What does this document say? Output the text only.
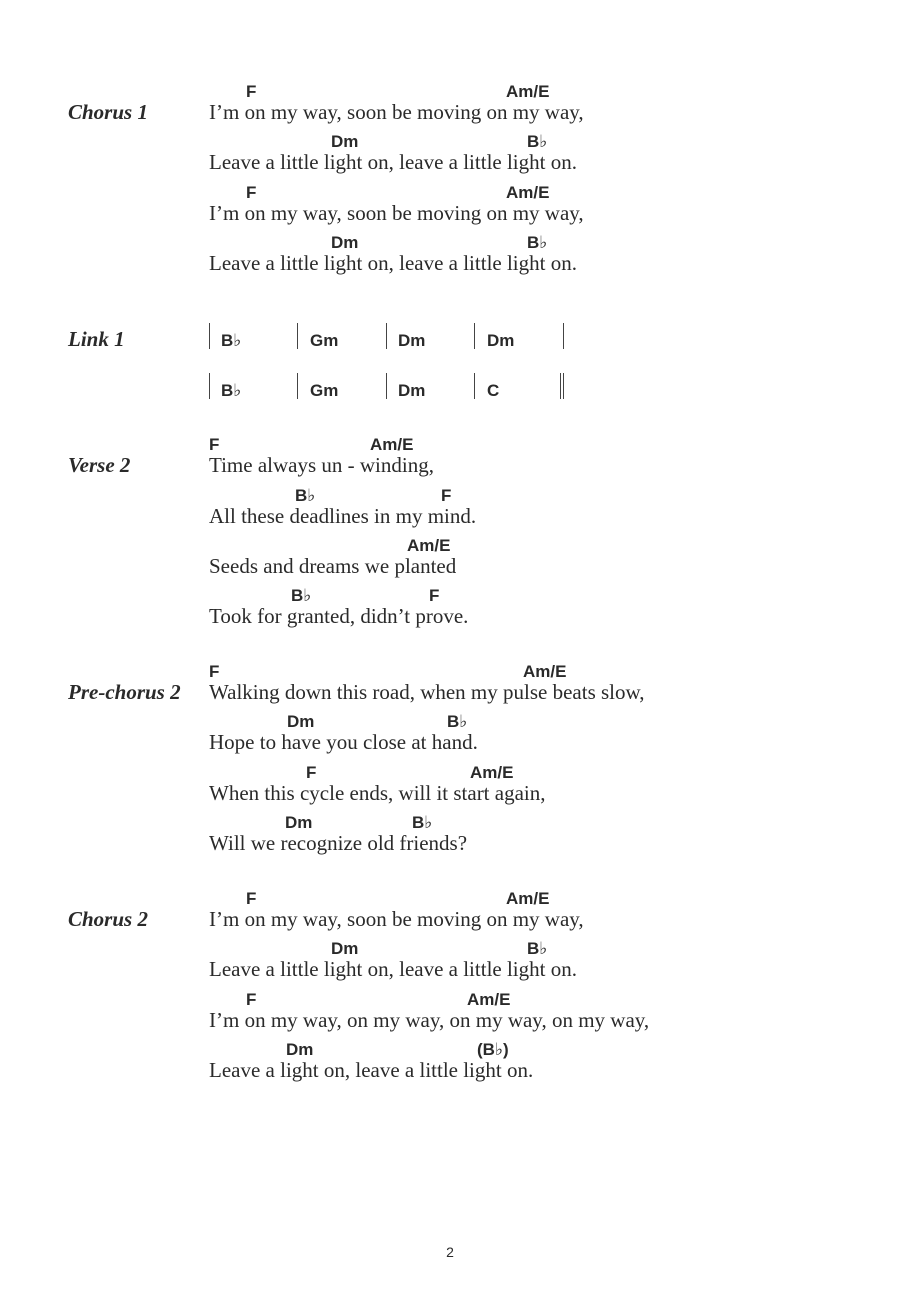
Chorus 1
F	Am/E
I’m on my way, soon be moving on my way,
Dm	B♭
Leave a little light on, leave a little light on.
F	Am/E
I’m on my way, soon be moving on my way,
Dm	B♭
Leave a little light on, leave a little light on.
Link 1	B♭	Gm	Dm	Dm
B♭	Gm	Dm	C
Verse 2
F	Am/E
Time always un - winding,
B♭	F
All these deadlines in my mind.
Am/E
Seeds and dreams we planted
B♭	F
Took for granted, didn’t prove.
Pre-chorus 2
F	Am/E
Walking down this road, when my pulse beats slow,
Dm	B♭
Hope to have you close at hand.
F	Am/E
When this cycle ends, will it start again,
Dm	B♭
Will we recognize old friends?
Chorus 2
F	Am/E
I’m on my way, soon be moving on my way,
Dm	B♭
Leave a little light on, leave a little light on.
F	Am/E
I’m on my way, on my way, on my way, on my way,
Dm	(B♭)
Leave a light on, leave a little light on.
2
